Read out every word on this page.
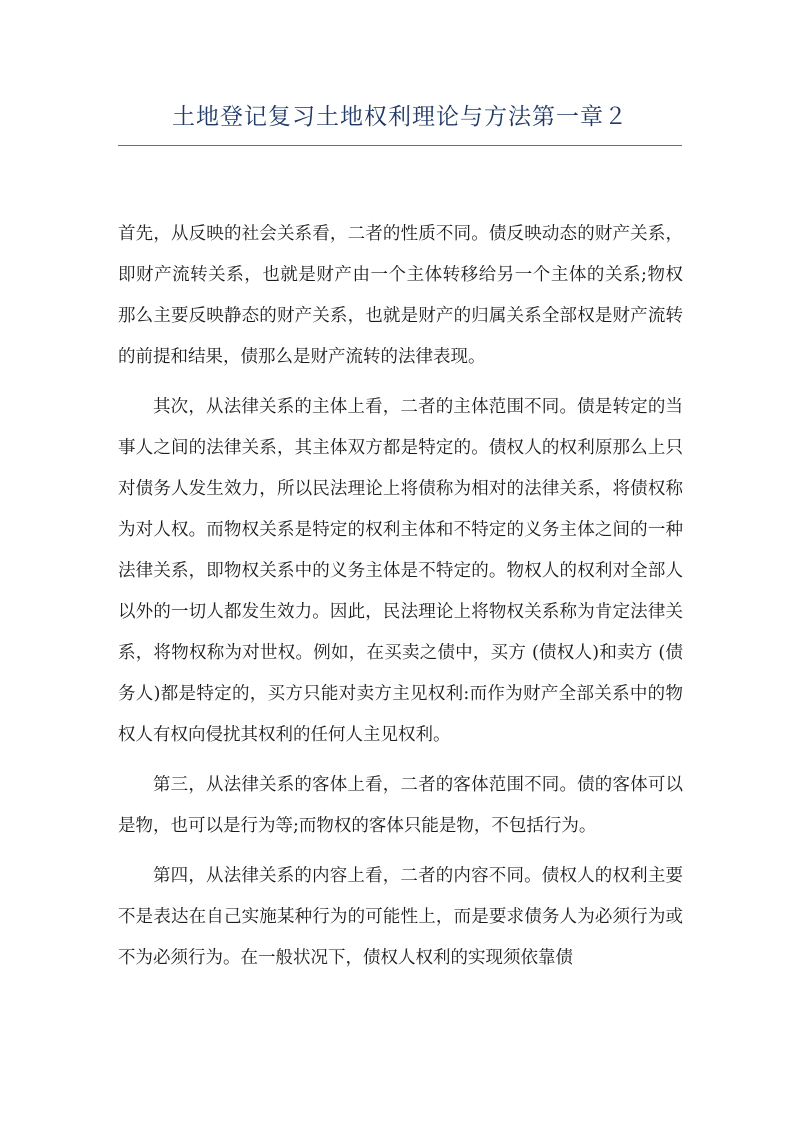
土地登记复习土地权利理论与方法第一章２

首先，从反映的社会关系看，二者的性质不同。债反映动态的财产关系，即财产流转关系，也就是财产由一个主体转移给另一个主体的关系;物权那么主要反映静态的财产关系，也就是财产的归属关系全部权是财产流转的前提和结果，债那么是财产流转的法律表现。

其次，从法律关系的主体上看，二者的主体范围不同。债是转定的当事人之间的法律关系，其主体双方都是特定的。债权人的权利原那么上只对债务人发生效力，所以民法理论上将债称为相对的法律关系，将债权称为对人权。而物权关系是特定的权利主体和不特定的义务主体之间的一种法律关系，即物权关系中的义务主体是不特定的。物权人的权利对全部人以外的一切人都发生效力。因此，民法理论上将物权关系称为肯定法律关系，将物权称为对世权。例如，在买卖之债中，买方 (债权人)和卖方 (债务人)都是特定的，买方只能对卖方主见权利:而作为财产全部关系中的物权人有权向侵扰其权利的任何人主见权利。

第三，从法律关系的客体上看，二者的客体范围不同。债的客体可以是物，也可以是行为等;而物权的客体只能是物，不包括行为。

第四，从法律关系的内容上看，二者的内容不同。债权人的权利主要不是表达在自己实施某种行为的可能性上，而是要求债务人为必须行为或不为必须行为。在一般状况下，债权人权利的实现须依靠债
